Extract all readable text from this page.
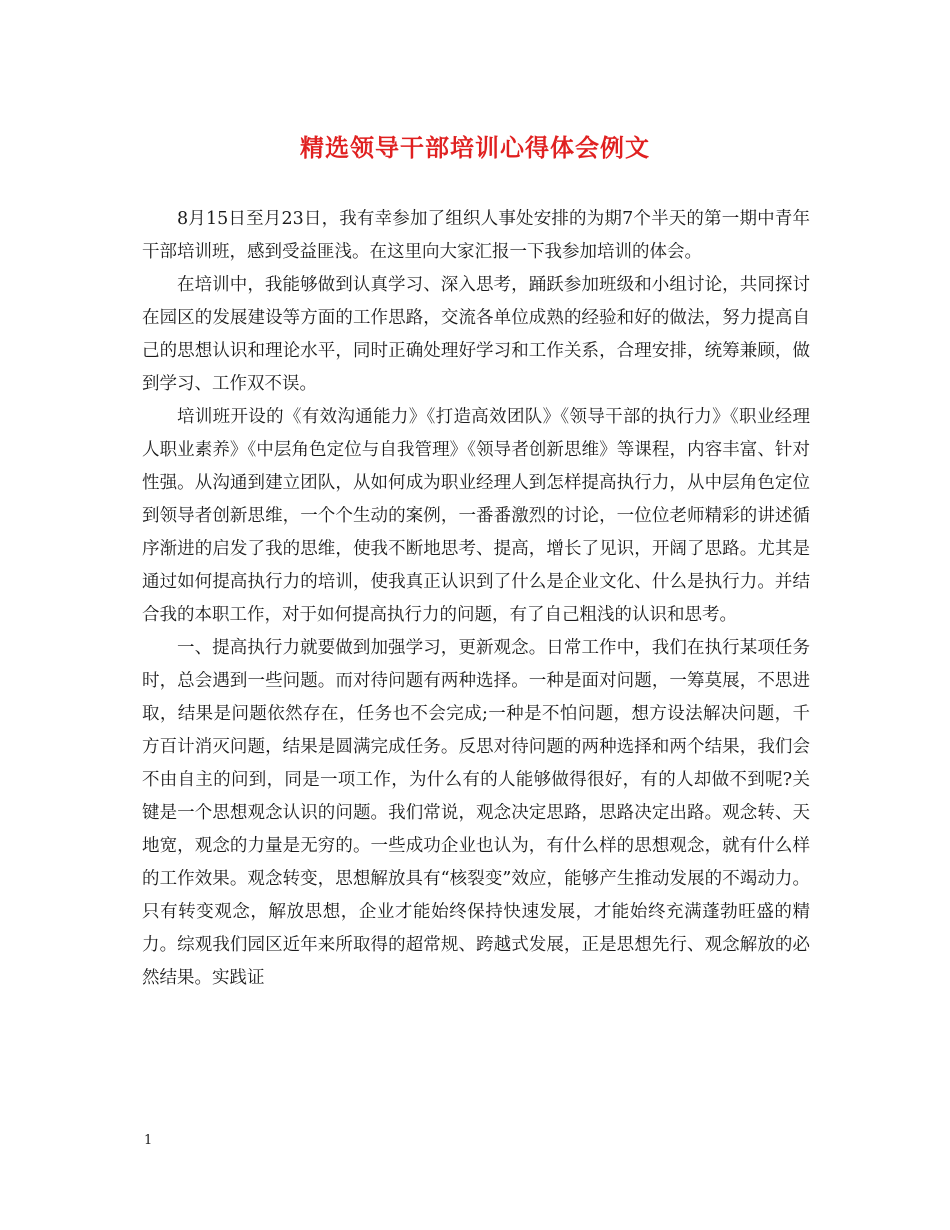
精选领导干部培训心得体会例文

8月15日至月23日，我有幸参加了组织人事处安排的为期7个半天的第一期中青年干部培训班，感到受益匪浅。在这里向大家汇报一下我参加培训的体会。

在培训中，我能够做到认真学习、深入思考，踊跃参加班级和小组讨论，共同探讨在园区的发展建设等方面的工作思路，交流各单位成熟的经验和好的做法，努力提高自己的思想认识和理论水平，同时正确处理好学习和工作关系，合理安排，统筹兼顾，做到学习、工作双不误。

培训班开设的《有效沟通能力》《打造高效团队》《领导干部的执行力》《职业经理人职业素养》《中层角色定位与自我管理》《领导者创新思维》等课程，内容丰富、针对性强。从沟通到建立团队，从如何成为职业经理人到怎样提高执行力，从中层角色定位到领导者创新思维，一个个生动的案例，一番番激烈的讨论，一位位老师精彩的讲述循序渐进的启发了我的思维，使我不断地思考、提高，增长了见识，开阔了思路。尤其是通过如何提高执行力的培训，使我真正认识到了什么是企业文化、什么是执行力。并结合我的本职工作，对于如何提高执行力的问题，有了自己粗浅的认识和思考。

一、提高执行力就要做到加强学习，更新观念。日常工作中，我们在执行某项任务时，总会遇到一些问题。而对待问题有两种选择。一种是面对问题，一筹莫展，不思进取，结果是问题依然存在，任务也不会完成;一种是不怕问题，想方设法解决问题，千方百计消灭问题，结果是圆满完成任务。反思对待问题的两种选择和两个结果，我们会不由自主的问到，同是一项工作，为什么有的人能够做得很好，有的人却做不到呢?关键是一个思想观念认识的问题。我们常说，观念决定思路，思路决定出路。观念转、天地宽，观念的力量是无穷的。一些成功企业也认为，有什么样的思想观念，就有什么样的工作效果。观念转变，思想解放具有“核裂变”效应，能够产生推动发展的不竭动力。只有转变观念，解放思想，企业才能始终保持快速发展，才能始终充满蓬勃旺盛的精力。综观我们园区近年来所取得的超常规、跨越式发展，正是思想先行、观念解放的必然结果。实践证

1
